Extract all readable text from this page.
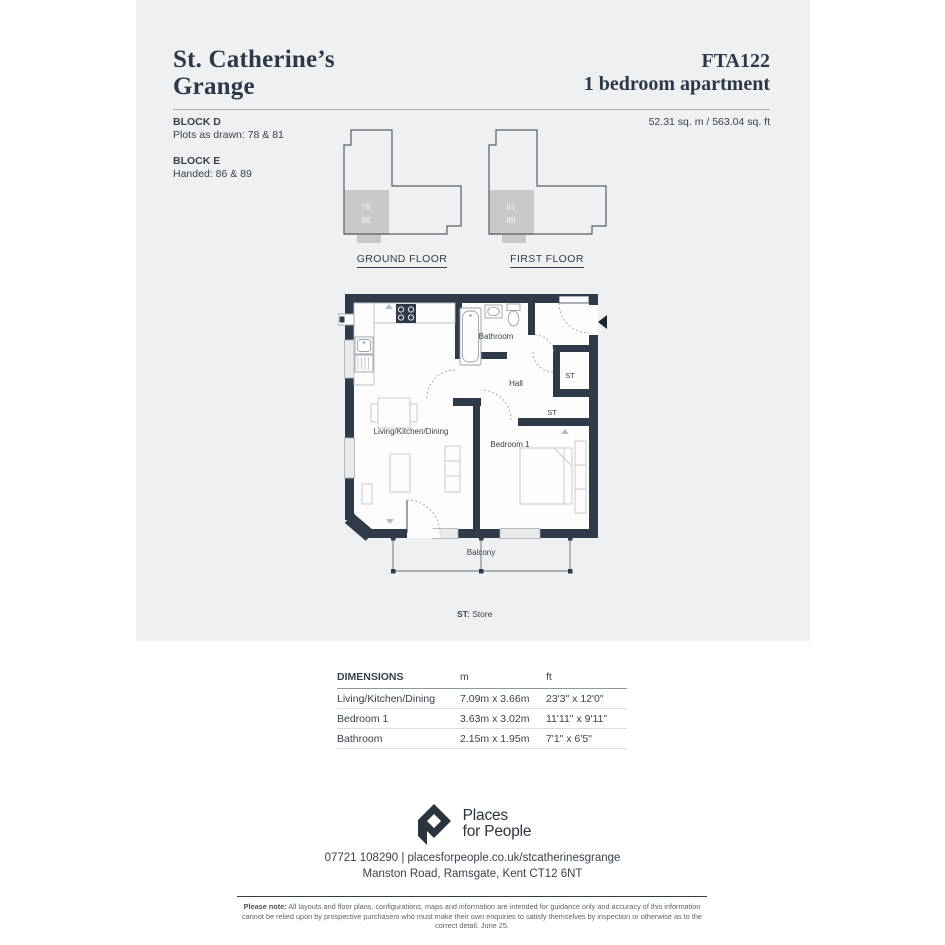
St. Catherine’s
Grange
FTA122
1 bedroom apartment
BLOCK D
Plots as drawn: 78 & 81
BLOCK E
Handed: 86 & 89
52.31 sq. m / 563.04 sq. ft
78
86
GROUND FLOOR
81
89
FIRST FLOOR
Bathroom
Hall
ST
ST
Living/Kitchen/Dining
Bedroom 1
Balcony
ST: Store
DIMENSIONS	m	ft
Living/Kitchen/Dining	7.09m x 3.66m	23'3" x 12'0"
Bedroom 1	3.63m x 3.02m	11'11" x 9'11"
Bathroom	2.15m x 1.95m	7'1" x 6'5"
Places
for People
07721 108290 | placesforpeople.co.uk/stcatherinesgrange
Manston Road, Ramsgate, Kent CT12 6NT
Please note: All layouts and floor plans, configurations, maps and information are intended for guidance only and accuracy of this information cannot be relied upon by prospective purchasers who must make their own enquiries to satisfy themselves by inspection or otherwise as to the correct detail. June 25.
